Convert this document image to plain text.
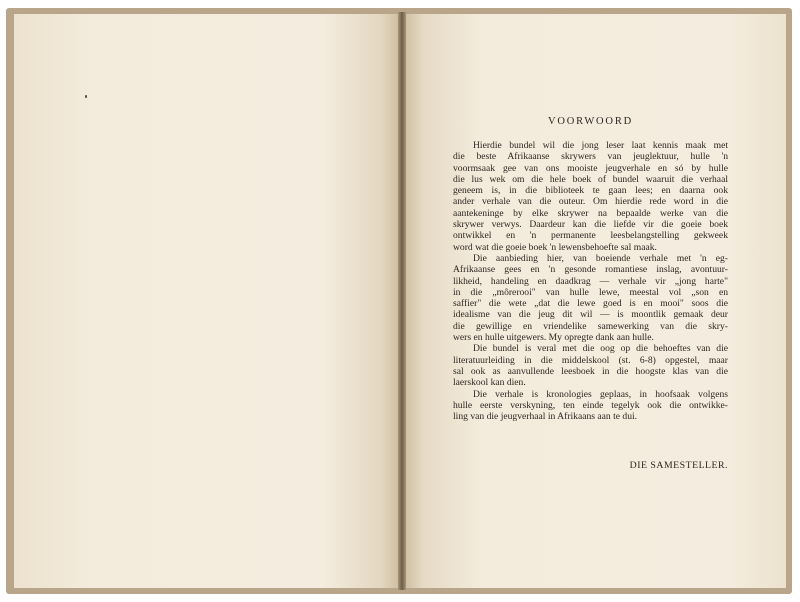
VOORWOORD

Hierdie bundel wil die jong leser laat kennis maak met
die beste Afrikaanse skrywers van jeuglektuur, hulle 'n
voormsaak gee van ons mooiste jeugverhale en só by hulle
die lus wek om die hele boek of bundel waaruit die verhaal
geneem is, in die biblioteek te gaan lees; en daarna ook
ander verhale van die outeur. Om hierdie rede word in die
aantekeninge by elke skrywer na bepaalde werke van die
skrywer verwys. Daardeur kan die liefde vir die goeie boek
ontwikkel en 'n permanente leesbelangstelling gekweek
word wat die goeie boek 'n lewensbehoefte sal maak.

Die aanbieding hier, van boeiende verhale met 'n eg-
Afrikaanse gees en 'n gesonde romantiese inslag, avontuur-
likheid, handeling en daadkrag — verhale vir „jong harte"
in die „môrerooi" van hulle lewe, meestal vol „son en
saffier" die wete „dat die lewe goed is en mooi" soos die
idealisme van die jeug dit wil — is moontlik gemaak deur
die gewillige en vriendelike samewerking van die skry-
wers en hulle uitgewers. My opregte dank aan hulle.

Die bundel is veral met die oog op die behoeftes van die
literatuurleiding in die middelskool (st. 6-8) opgestel, maar
sal ook as aanvullende leesboek in die hoogste klas van die
laerskool kan dien.

Die verhale is kronologies geplaas, in hoofsaak volgens
hulle eerste verskyning, ten einde tegelyk ook die ontwikke-
ling van die jeugverhaal in Afrikaans aan te dui.

DIE SAMESTELLER.
